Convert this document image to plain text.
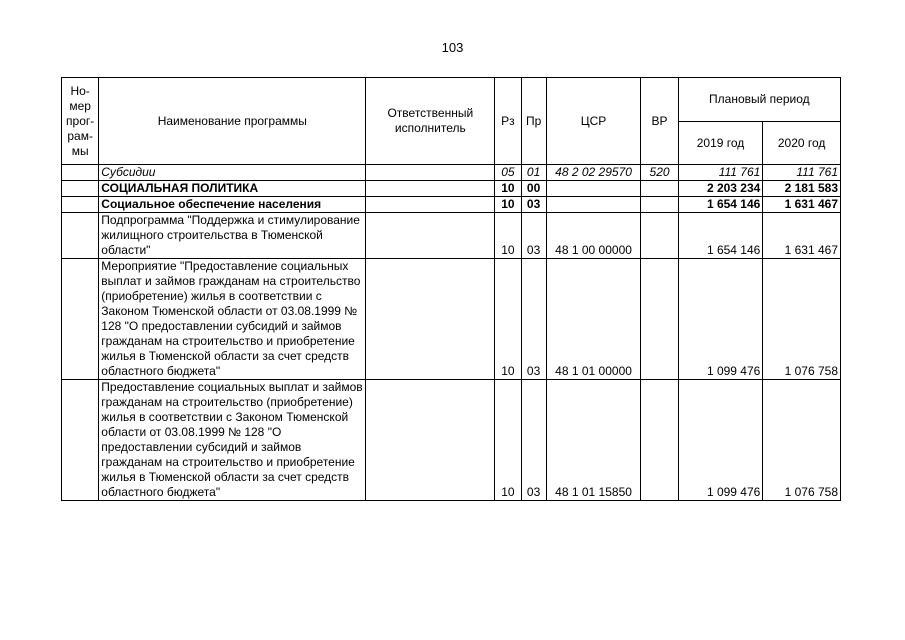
103
Но-
мер
прог-
рам-
мы	Наименование программы	Ответственный исполнитель	Рз	Пр	ЦСР	ВР	Плановый период	
							2019 год	2020 год
	Субсидии		05	01	48 2 02 29570	520	111 761	111 761
	СОЦИАЛЬНАЯ ПОЛИТИКА		10	00			2 203 234	2 181 583
	Социальное обеспечение населения		10	03			1 654 146	1 631 467
	Подпрограмма "Поддержка и стимулирование жилищного строительства в Тюменской области"		10	03	48 1 00 00000		1 654 146	1 631 467
	Мероприятие "Предоставление социальных выплат и займов гражданам на строительство (приобретение) жилья в соответствии с Законом Тюменской области от 03.08.1999 № 128 "О предоставлении субсидий и займов гражданам на строительство и приобретение жилья в Тюменской области за счет средств областного бюджета"		10	03	48 1 01 00000		1 099 476	1 076 758
	Предоставление социальных выплат и займов гражданам на строительство (приобретение) жилья в соответствии с Законом Тюменской области от 03.08.1999 № 128 "О предоставлении субсидий и займов гражданам на строительство и приобретение жилья в Тюменской области за счет средств областного бюджета"		10	03	48 1 01 15850		1 099 476	1 076 758
